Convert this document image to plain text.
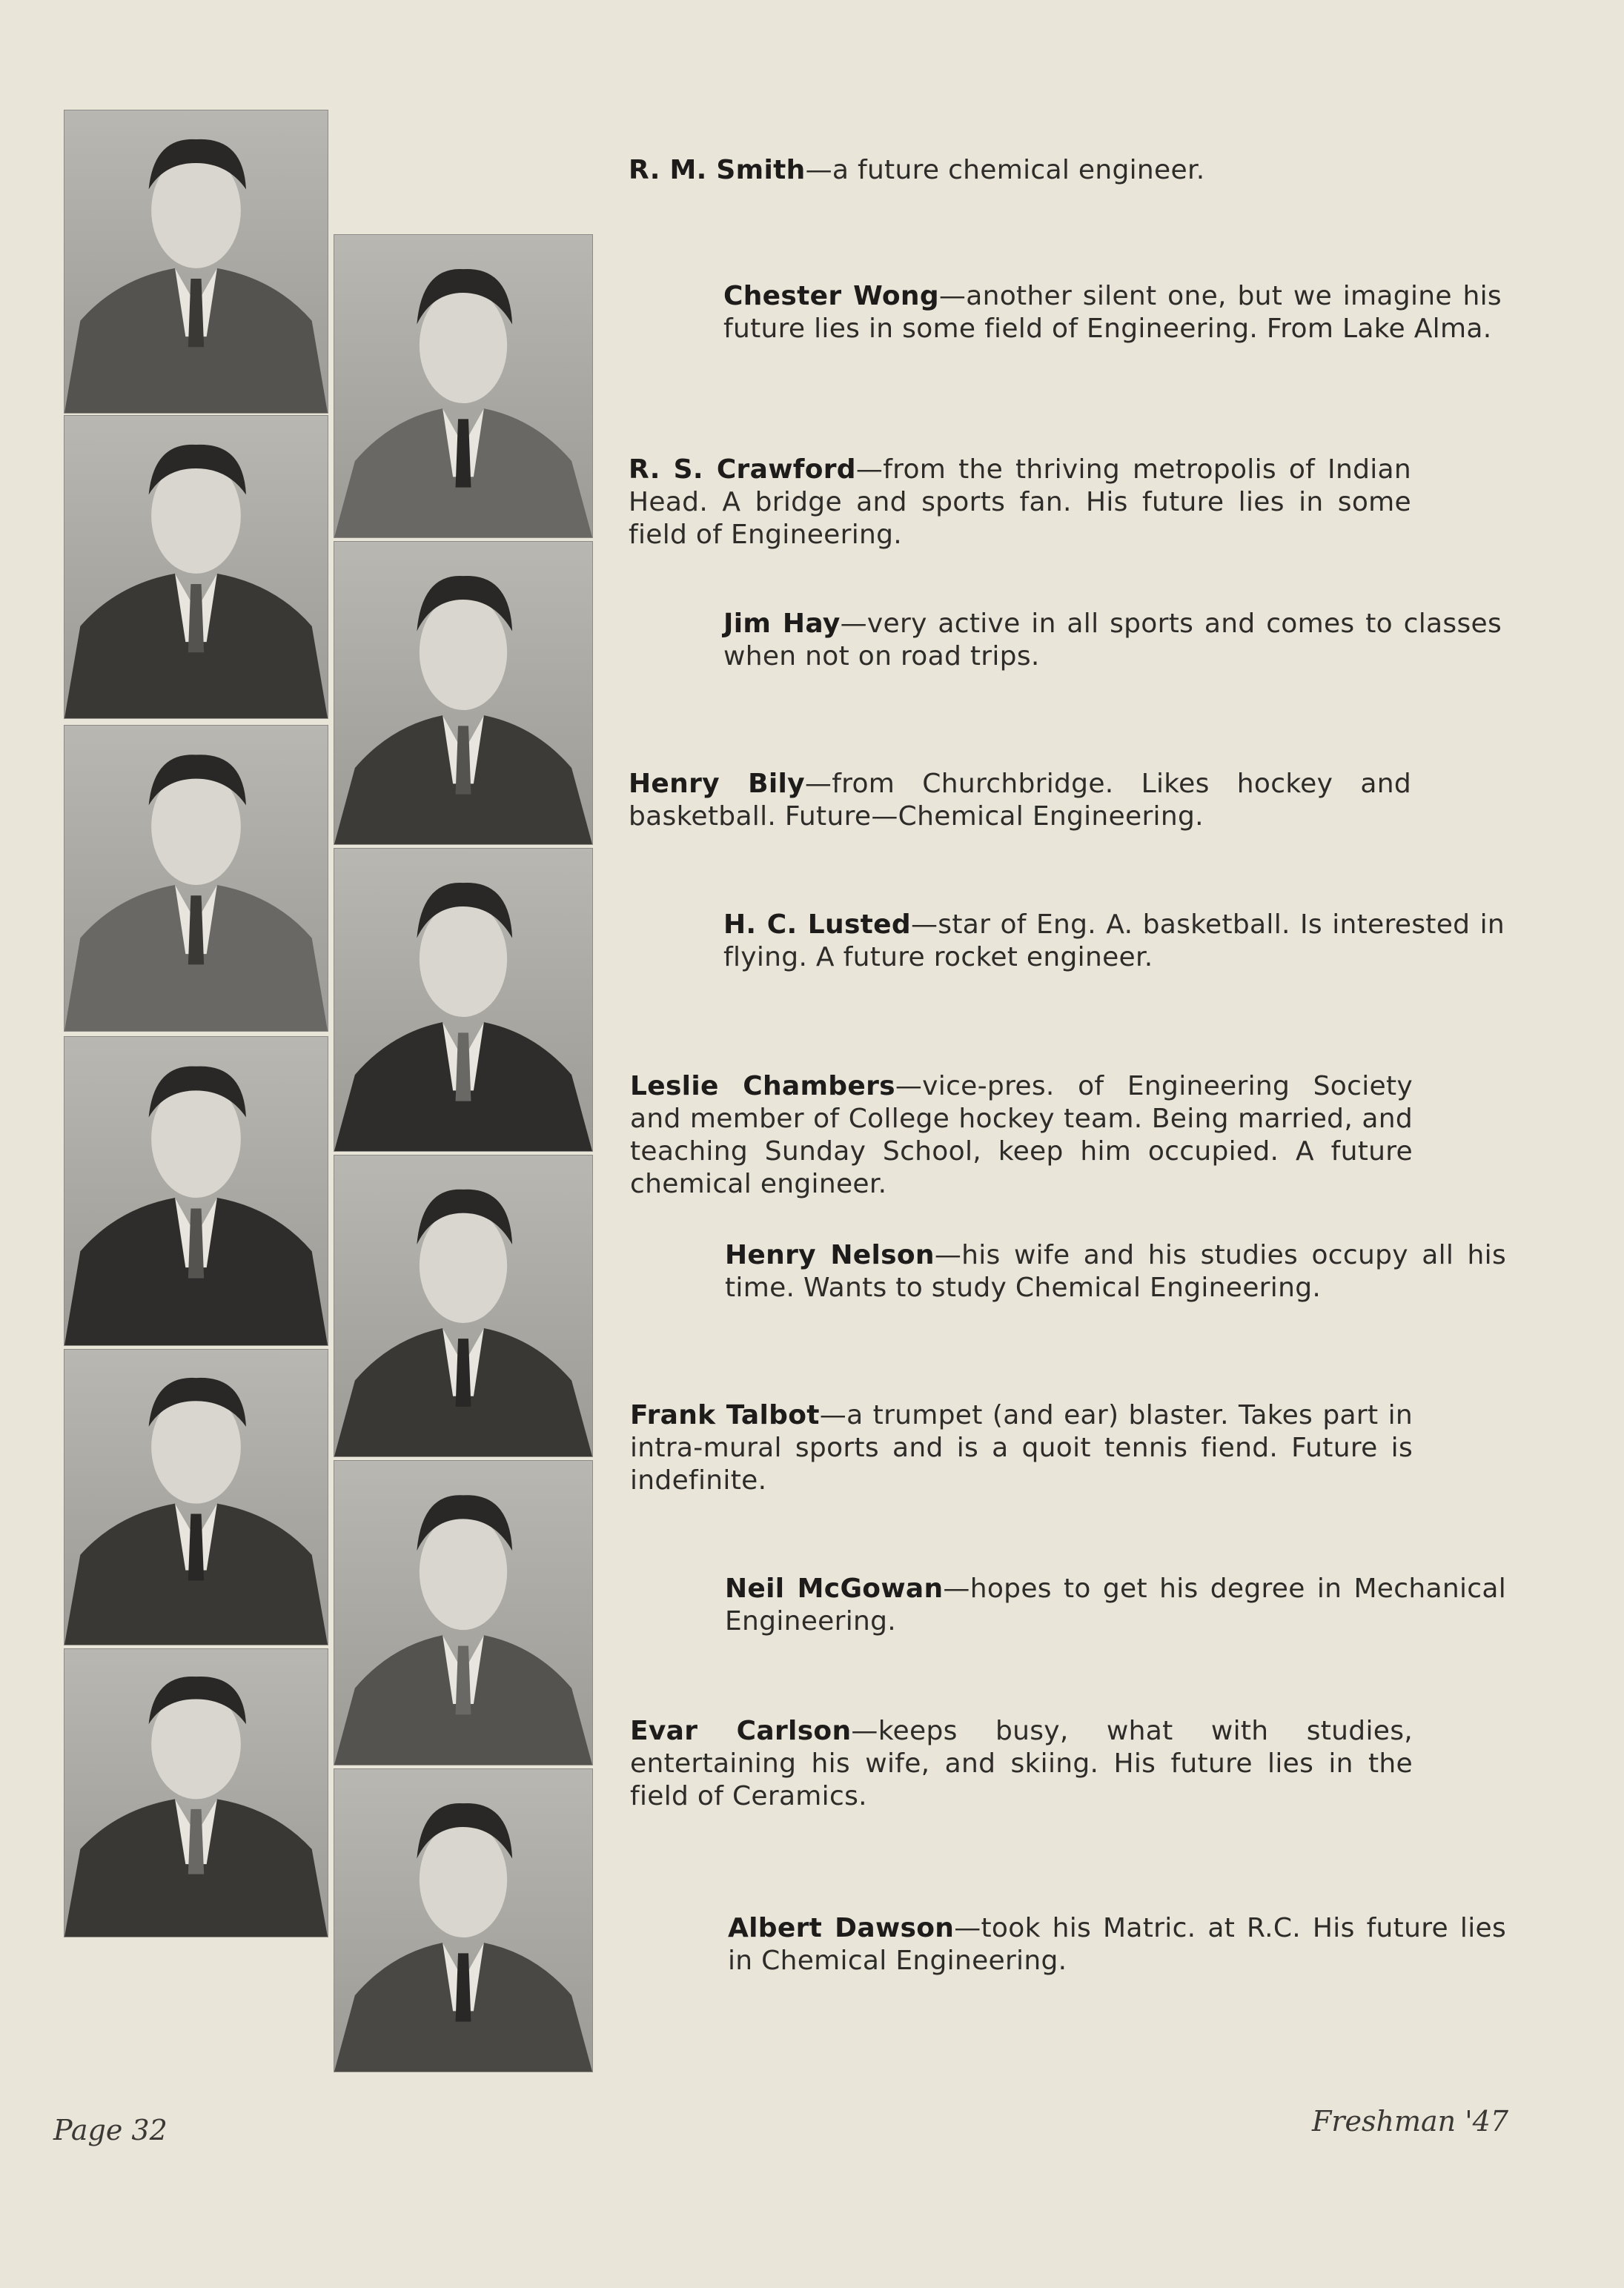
R. M. Smith—a future chemical engineer.
Chester Wong—another silent one, but we imagine his future lies in some field of Engineering. From Lake Alma.
R. S. Crawford—from the thriving metropolis of Indian Head. A bridge and sports fan. His future lies in some field of Engineering.
Jim Hay—very active in all sports and comes to classes when not on road trips.
Henry Bily—from Churchbridge. Likes hockey and basketball. Future—Chemical Engineering.
H. C. Lusted—star of Eng. A. basketball. Is interested in flying. A future rocket engineer.
Leslie Chambers—vice-pres. of Engineering Society and member of College hockey team. Being married, and teaching Sunday School, keep him occupied. A future chemical engineer.
Henry Nelson—his wife and his studies occupy all his time. Wants to study Chemical Engineering.
Frank Talbot—a trumpet (and ear) blaster. Takes part in intra-mural sports and is a quoit tennis fiend. Future is indefinite.
Neil McGowan—hopes to get his degree in Mechanical Engineering.
Evar Carlson—keeps busy, what with studies, entertaining his wife, and skiing. His future lies in the field of Ceramics.
Albert Dawson—took his Matric. at R.C. His future lies in Chemical Engineering.
Page 32	Freshman '47
